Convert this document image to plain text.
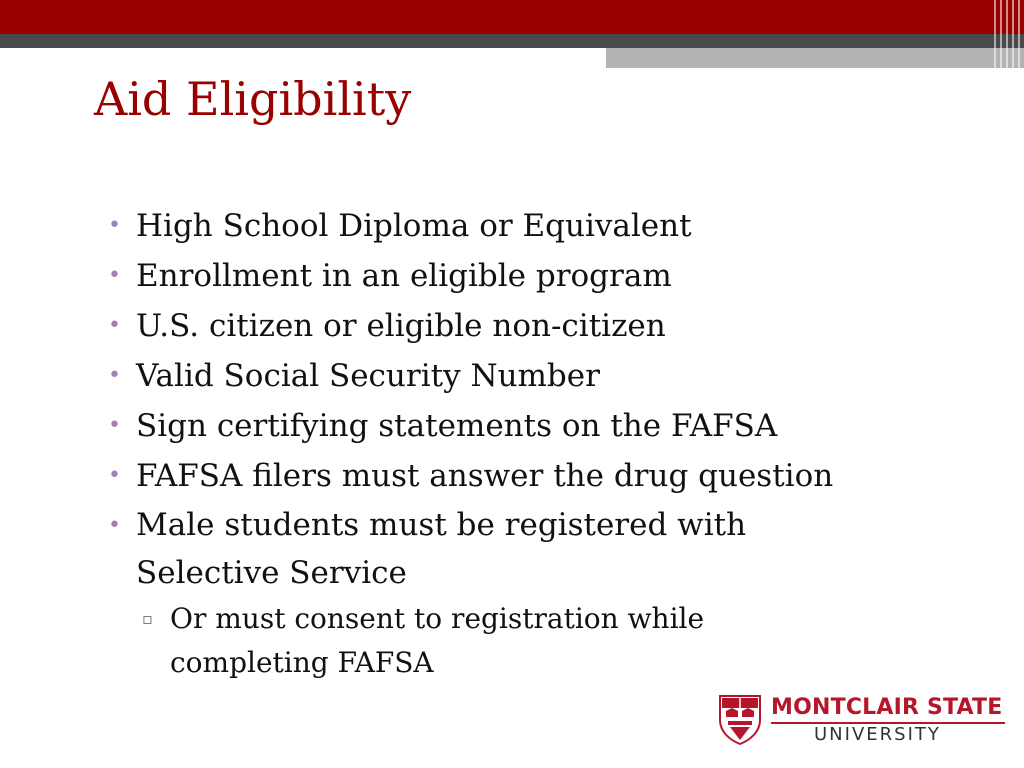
Aid Eligibility
• High School Diploma or Equivalent
• Enrollment in an eligible program
• U.S. citizen or eligible non-citizen
• Valid Social Security Number
• Sign certifying statements on the FAFSA
• FAFSA filers must answer the drug question
• Male students must be registered with Selective Service
▫ Or must consent to registration while completing FAFSA
MONTCLAIR STATE
UNIVERSITY
